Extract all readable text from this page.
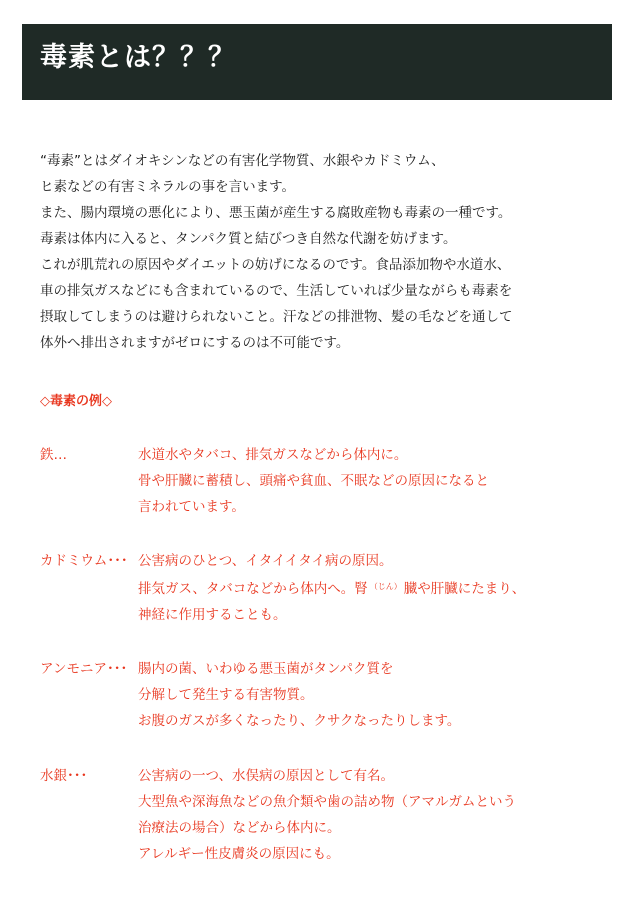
毒素とは？？？

“毒素”とはダイオキシンなどの有害化学物質、水銀やカドミウム、

ヒ素などの有害ミネラルの事を言います。

また、腸内環境の悪化により、悪玉菌が産生する腐敗産物も毒素の一種です。

毒素は体内に入ると、タンパク質と結びつき自然な代謝を妨げます。

これが肌荒れの原因やダイエットの妨げになるのです。食品添加物や水道水、

車の排気ガスなどにも含まれているので、生活していれば少量ながらも毒素を

摂取してしまうのは避けられないこと。汗などの排泄物、髪の毛などを通して

体外へ排出されますがゼロにするのは不可能です。

◇毒素の例◇
鉄…	水道水やタバコ、排気ガスなどから体内に。

骨や肝臓に蓄積し、頭痛や貧血、不眠などの原因になると

言われています。

カドミウム･･･ 公害病のひとつ、イタイイタイ病の原因。

排気ガス、タバコなどから体内へ。腎 $^{(じん)}$ 臓や肝臓にたまり、

神経に作用することも。

アンモニア･･･ 腸内の菌、いわゆる悪玉菌がタンパク質を

分解して発生する有害物質。

お腹のガスが多くなったり、クサクなったりします。

水銀･･･	公害病の一つ、水俣病の原因として有名。

大型魚や深海魚などの魚介類や歯の詰め物（アマルガムという

治療法の場合）などから体内に。

アレルギー性皮膚炎の原因にも。
